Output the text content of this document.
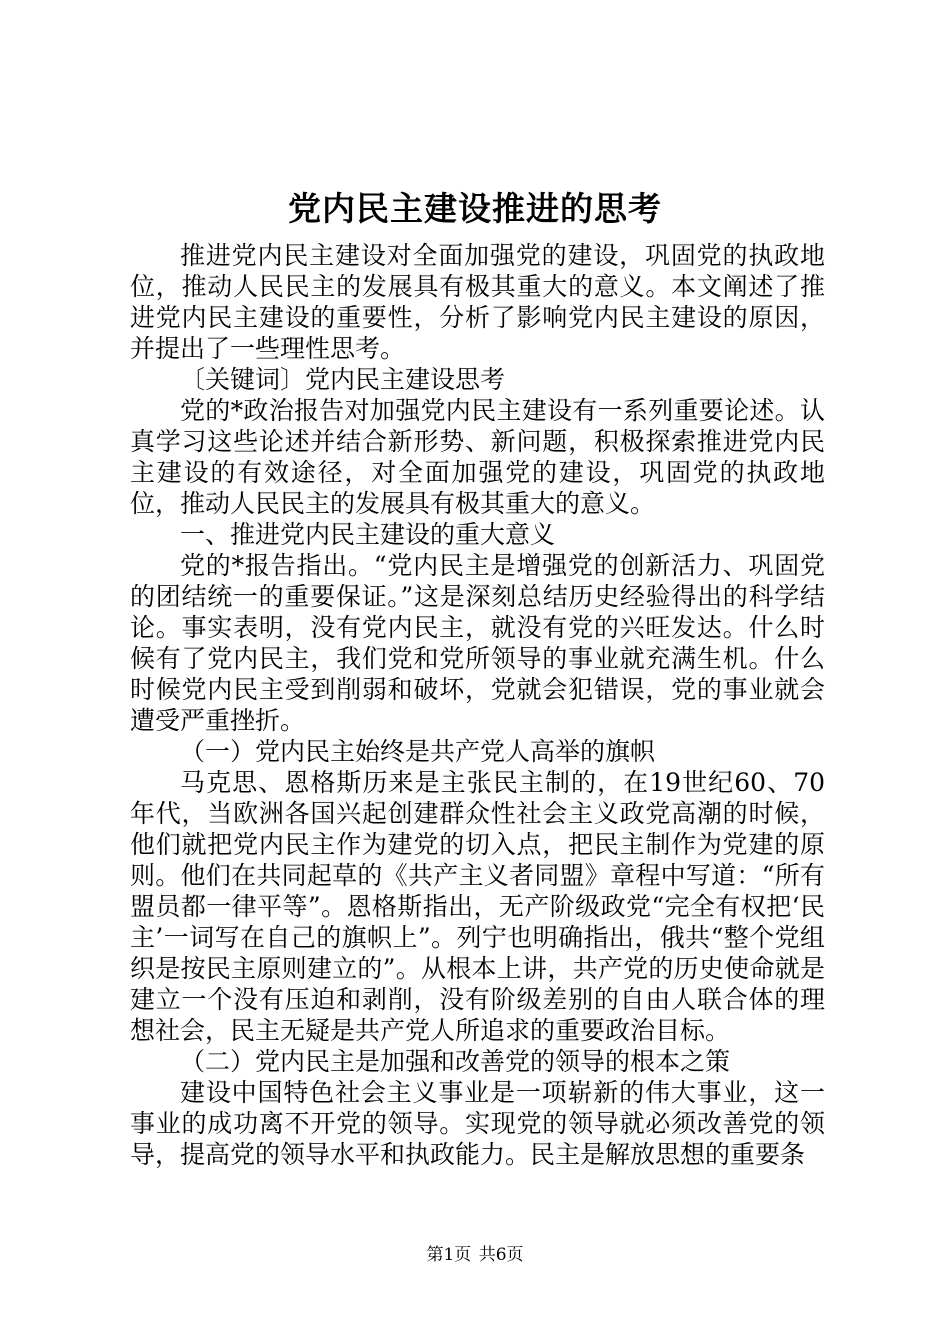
党内民主建设推进的思考

推进党内民主建设对全面加强党的建设，巩固党的执政地位，推动人民民主的发展具有极其重大的意义。本文阐述了推进党内民主建设的重要性，分析了影响党内民主建设的原因，并提出了一些理性思考。

〔关键词〕党内民主建设思考

党的*政治报告对加强党内民主建设有一系列重要论述。认真学习这些论述并结合新形势、新问题，积极探索推进党内民主建设的有效途径，对全面加强党的建设，巩固党的执政地位，推动人民民主的发展具有极其重大的意义。

一、推进党内民主建设的重大意义

党的*报告指出。“党内民主是增强党的创新活力、巩固党的团结统一的重要保证。”这是深刻总结历史经验得出的科学结论。事实表明，没有党内民主，就没有党的兴旺发达。什么时候有了党内民主，我们党和党所领导的事业就充满生机。什么时候党内民主受到削弱和破坏，党就会犯错误，党的事业就会遭受严重挫折。

（一）党内民主始终是共产党人高举的旗帜

马克思、恩格斯历来是主张民主制的，在19世纪60、70年代，当欧洲各国兴起创建群众性社会主义政党高潮的时候，他们就把党内民主作为建党的切入点，把民主制作为党建的原则。他们在共同起草的《共产主义者同盟》章程中写道：“所有盟员都一律平等”。恩格斯指出，无产阶级政党“完全有权把‘民主’一词写在自己的旗帜上”。列宁也明确指出，俄共“整个党组织是按民主原则建立的”。从根本上讲，共产党的历史使命就是建立一个没有压迫和剥削，没有阶级差别的自由人联合体的理想社会，民主无疑是共产党人所追求的重要政治目标。

（二）党内民主是加强和改善党的领导的根本之策

建设中国特色社会主义事业是一项崭新的伟大事业，这一事业的成功离不开党的领导。实现党的领导就必须改善党的领导，提高党的领导水平和执政能力。民主是解放思想的重要条

第1页 共6页
